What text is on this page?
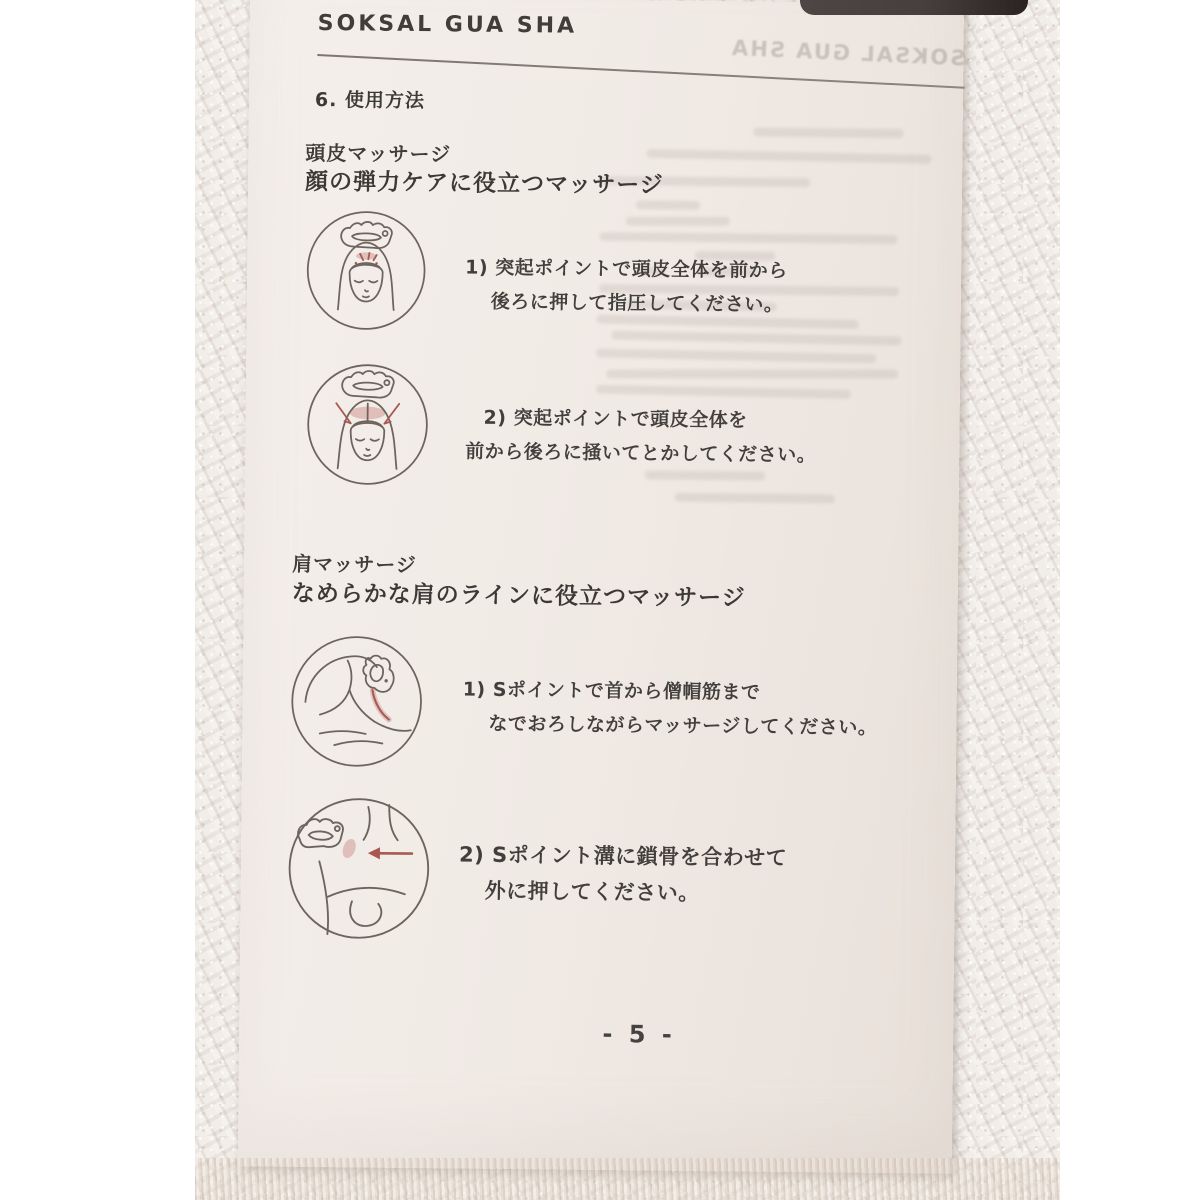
SOKSAL GUA SHA
SOKSAL GUA SHA
6. 使用方法
頭皮マッサージ
顔の弾力ケアに役立つマッサージ
1) 突起ポイントで頭皮全体を前から
後ろに押して指圧してください。
2) 突起ポイントで頭皮全体を
前から後ろに掻いてとかしてください。
肩マッサージ
なめらかな肩のラインに役立つマッサージ
1) Sポイントで首から僧帽筋まで
なでおろしながらマッサージしてください。
2) Sポイント溝に鎖骨を合わせて
外に押してください。
- 5 -
